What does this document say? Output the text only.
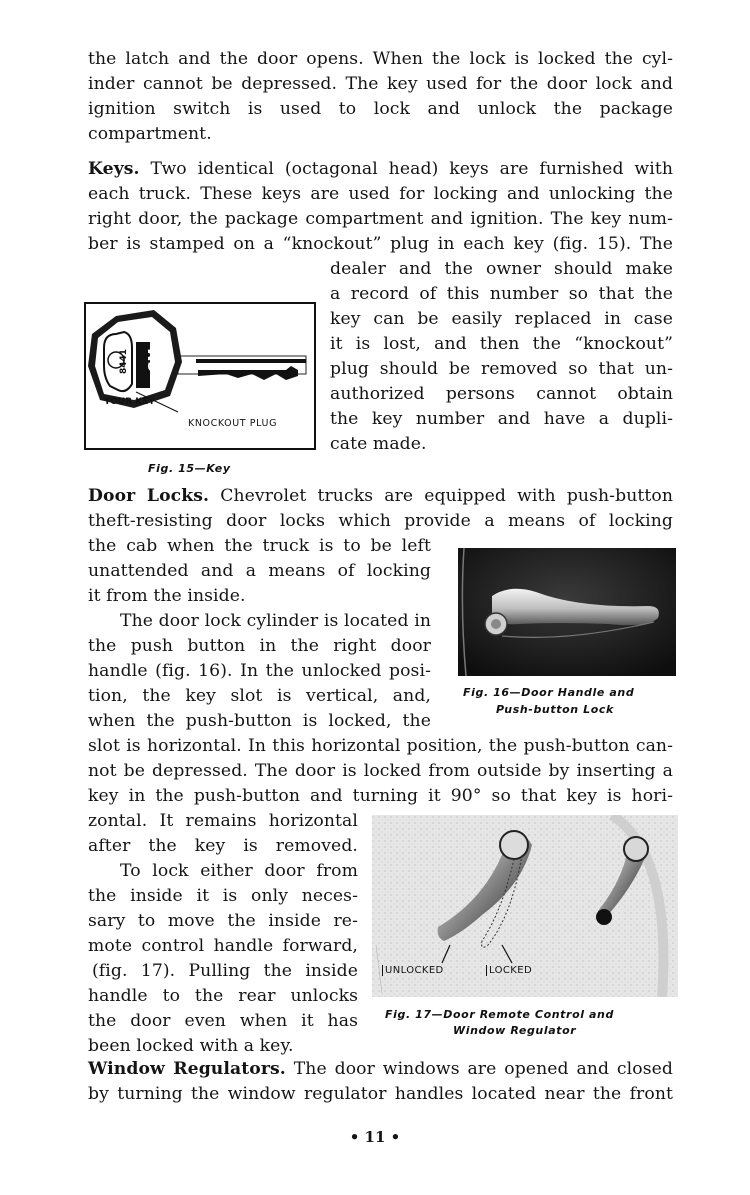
the latch and the door opens. When the lock is locked the cyl-
inder cannot be depressed. The key used for the door lock and
ignition switch is used to lock and unlock the package
compartment.
Keys. Two identical (octagonal head) keys are furnished with
each truck. These keys are used for locking and unlocking the
right door, the package compartment and ignition. The key num-
ber is stamped on a “knockout” plug in each key (fig. 15). The
dealer and the owner should make
a record of this number so that the
key can be easily replaced in case
it is lost, and then the “knockout”
plug should be removed so that un-
authorized persons cannot obtain
the key number and have a dupli-
cate made.
8441 GM
YOUR KEY
KNOCKOUT PLUG
Fig. 15—Key
Door Locks. Chevrolet trucks are equipped with push-button
theft-resisting door locks which provide a means of locking
the cab when the truck is to be left
unattended and a means of locking
it from the inside.
The door lock cylinder is located in
the push button in the right door
handle (fig. 16). In the unlocked posi-
tion, the key slot is vertical, and,
when the push-button is locked, the
Fig. 16—Door Handle and
Push-button Lock
slot is horizontal. In this horizontal position, the push-button can-
not be depressed. The door is locked from outside by inserting a
key in the push-button and turning it 90° so that key is hori-
zontal. It remains horizontal
after the key is removed.
To lock either door from
the inside it is only neces-
sary to move the inside re-
mote control handle forward,
(fig. 17). Pulling the inside
handle to the rear unlocks
the door even when it has
been locked with a key.
UNLOCKED	LOCKED
Fig. 17—Door Remote Control and
Window Regulator
Window Regulators. The door windows are opened and closed
by turning the window regulator handles located near the front
• 11 •
